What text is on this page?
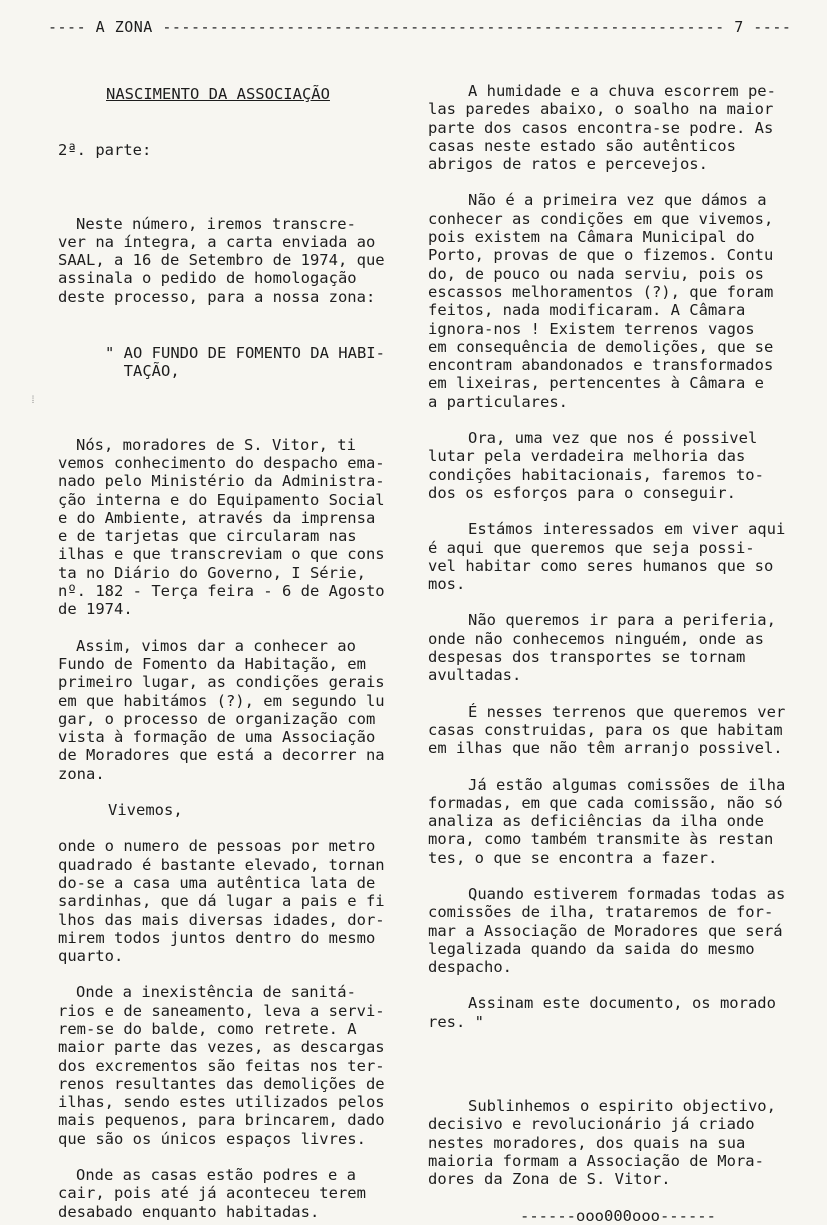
---- A ZONA ----------------------------------------------------------- 7 ----
⁞

NASCIMENTO DA ASSOCIAÇÃO

2ª. parte:

Neste número, iremos transcre-
ver na íntegra, a carta enviada ao
SAAL, a 16 de Setembro de 1974, que
assinala o pedido de homologação
deste processo, para a nossa zona:

" AO FUNDO DE FOMENTO DA HABI-
TAÇÃO,

Nós, moradores de S. Vitor, ti
vemos conhecimento do despacho ema-
nado pelo Ministério da Administra-
ção interna e do Equipamento Social
e do Ambiente, através da imprensa
e de tarjetas que circularam nas
ilhas e que transcreviam o que cons
ta no Diário do Governo, I Série,
nº. 182 - Terça feira - 6 de Agosto
de 1974.

Assim, vimos dar a conhecer ao
Fundo de Fomento da Habitação, em
primeiro lugar, as condições gerais
em que habitámos (?), em segundo lu
gar, o processo de organização com
vista à formação de uma Associação
de Moradores que está a decorrer na
zona.

Vivemos,

onde o numero de pessoas por metro
quadrado é bastante elevado, tornan
do-se a casa uma autêntica lata de
sardinhas, que dá lugar a pais e fi
lhos das mais diversas idades, dor-
mirem todos juntos dentro do mesmo
quarto.

Onde a inexistência de sanitá-
rios e de saneamento, leva a servi-
rem-se do balde, como retrete. A
maior parte das vezes, as descargas
dos excrementos são feitas nos ter-
renos resultantes das demolições de
ilhas, sendo estes utilizados pelos
mais pequenos, para brincarem, dado
que são os únicos espaços livres.

Onde as casas estão podres e a
cair, pois até já aconteceu terem
desabado enquanto habitadas.

A humidade e a chuva escorrem pe-
las paredes abaixo, o soalho na maior
parte dos casos encontra-se podre. As
casas neste estado são autênticos
abrigos de ratos e percevejos.

Não é a primeira vez que dámos a
conhecer as condições em que vivemos,
pois existem na Câmara Municipal do
Porto, provas de que o fizemos. Contu
do, de pouco ou nada serviu, pois os
escassos melhoramentos (?), que foram
feitos, nada modificaram. A Câmara
ignora-nos ! Existem terrenos vagos
em consequência de demolições, que se
encontram abandonados e transformados
em lixeiras, pertencentes à Câmara e
a particulares.

Ora, uma vez que nos é possivel
lutar pela verdadeira melhoria das
condições habitacionais, faremos to-
dos os esforços para o conseguir.

Estámos interessados em viver aqui
é aqui que queremos que seja possi-
vel habitar como seres humanos que so
mos.

Não queremos ir para a periferia,
onde não conhecemos ninguém, onde as
despesas dos transportes se tornam
avultadas.

É nesses terrenos que queremos ver
casas construidas, para os que habitam
em ilhas que não têm arranjo possivel.

Já estão algumas comissões de ilha
formadas, em que cada comissão, não só
analiza as deficiências da ilha onde
mora, como também transmite às restan
tes, o que se encontra a fazer.

Quando estiverem formadas todas as
comissões de ilha, trataremos de for-
mar a Associação de Moradores que será
legalizada quando da saida do mesmo
despacho.

Assinam este documento, os morado
res. "

Sublinhemos o espirito objectivo,
decisivo e revolucionário já criado
nestes moradores, dos quais na sua
maioria formam a Associação de Mora-
dores da Zona de S. Vitor.

------ooo000ooo------
